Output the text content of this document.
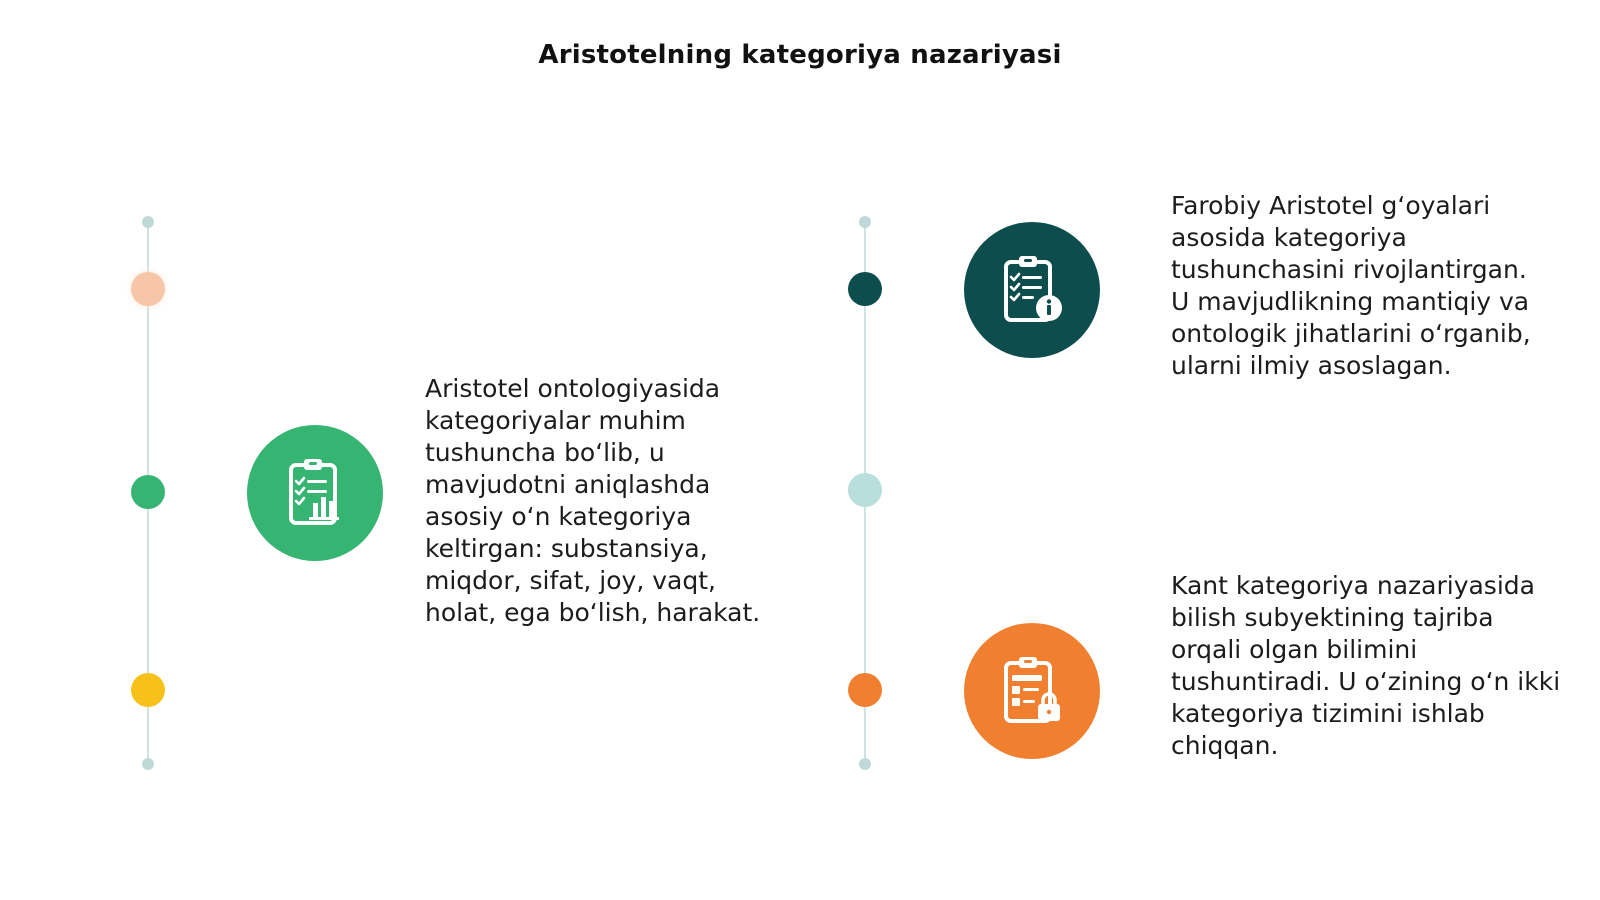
Aristotelning kategoriya nazariyasi
Aristotel ontologiyasida kategoriyalar muhim tushuncha bo‘lib, u mavjudotni aniqlashda asosiy o‘n kategoriya keltirgan: substansiya, miqdor, sifat, joy, vaqt, holat, ega bo‘lish, harakat.
Farobiy Aristotel g‘oyalari asosida kategoriya tushunchasini rivojlantirgan. U mavjudlikning mantiqiy va ontologik jihatlarini o‘rganib, ularni ilmiy asoslagan.
Kant kategoriya nazariyasida bilish subyektining tajriba orqali olgan bilimini tushuntiradi. U o‘zining o‘n ikki kategoriya tizimini ishlab chiqqan.
